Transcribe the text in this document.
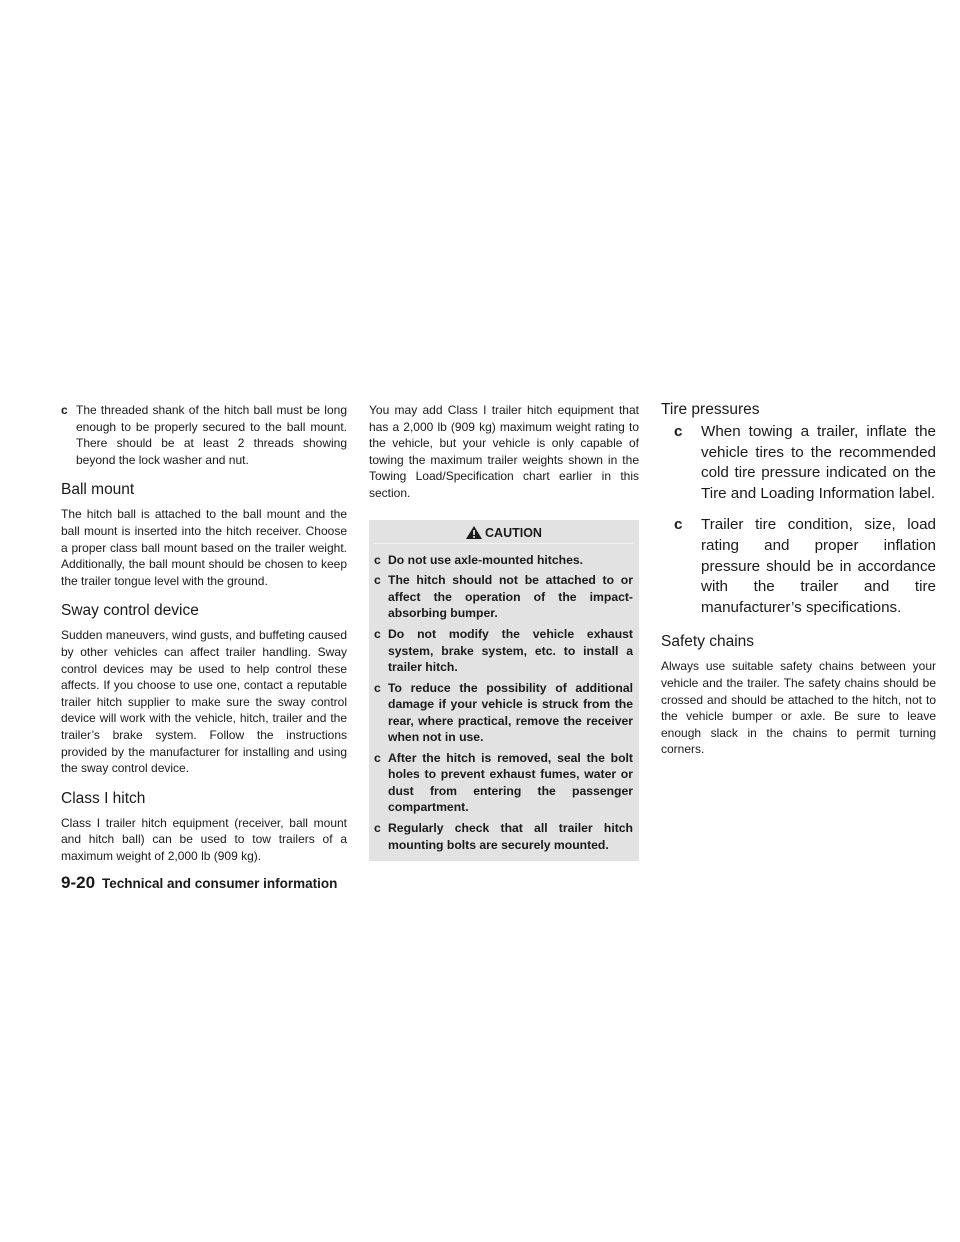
c The threaded shank of the hitch ball must be long enough to be properly secured to the ball mount. There should be at least 2 threads showing beyond the lock washer and nut.
Ball mount

The hitch ball is attached to the ball mount and the ball mount is inserted into the hitch receiver. Choose a proper class ball mount based on the trailer weight. Additionally, the ball mount should be chosen to keep the trailer tongue level with the ground.

Sway control device

Sudden maneuvers, wind gusts, and buffeting caused by other vehicles can affect trailer handling. Sway control devices may be used to help control these affects. If you choose to use one, contact a reputable trailer hitch supplier to make sure the sway control device will work with the vehicle, hitch, trailer and the trailer’s brake system. Follow the instructions provided by the manufacturer for installing and using the sway control device.

Class I hitch

Class I trailer hitch equipment (receiver, ball mount and hitch ball) can be used to tow trailers of a maximum weight of 2,000 lb (909 kg).

You may add Class I trailer hitch equipment that has a 2,000 lb (909 kg) maximum weight rating to the vehicle, but your vehicle is only capable of towing the maximum trailer weights shown in the Towing Load/Specification chart earlier in this section.

CAUTION
c Do not use axle-mounted hitches.
c The hitch should not be attached to or affect the operation of the impact-absorbing bumper.
c Do not modify the vehicle exhaust system, brake system, etc. to install a trailer hitch.
c To reduce the possibility of additional damage if your vehicle is struck from the rear, where practical, remove the receiver when not in use.
c After the hitch is removed, seal the bolt holes to prevent exhaust fumes, water or dust from entering the passenger compartment.
c Regularly check that all trailer hitch mounting bolts are securely mounted.
Tire pressures
c When towing a trailer, inflate the vehicle tires to the recommended cold tire pressure indicated on the Tire and Loading Information label.
c Trailer tire condition, size, load rating and proper inflation pressure should be in accordance with the trailer and tire manufacturer’s specifications.
Safety chains

Always use suitable safety chains between your vehicle and the trailer. The safety chains should be crossed and should be attached to the hitch, not to the vehicle bumper or axle. Be sure to leave enough slack in the chains to permit turning corners.

9-20 Technical and consumer information
